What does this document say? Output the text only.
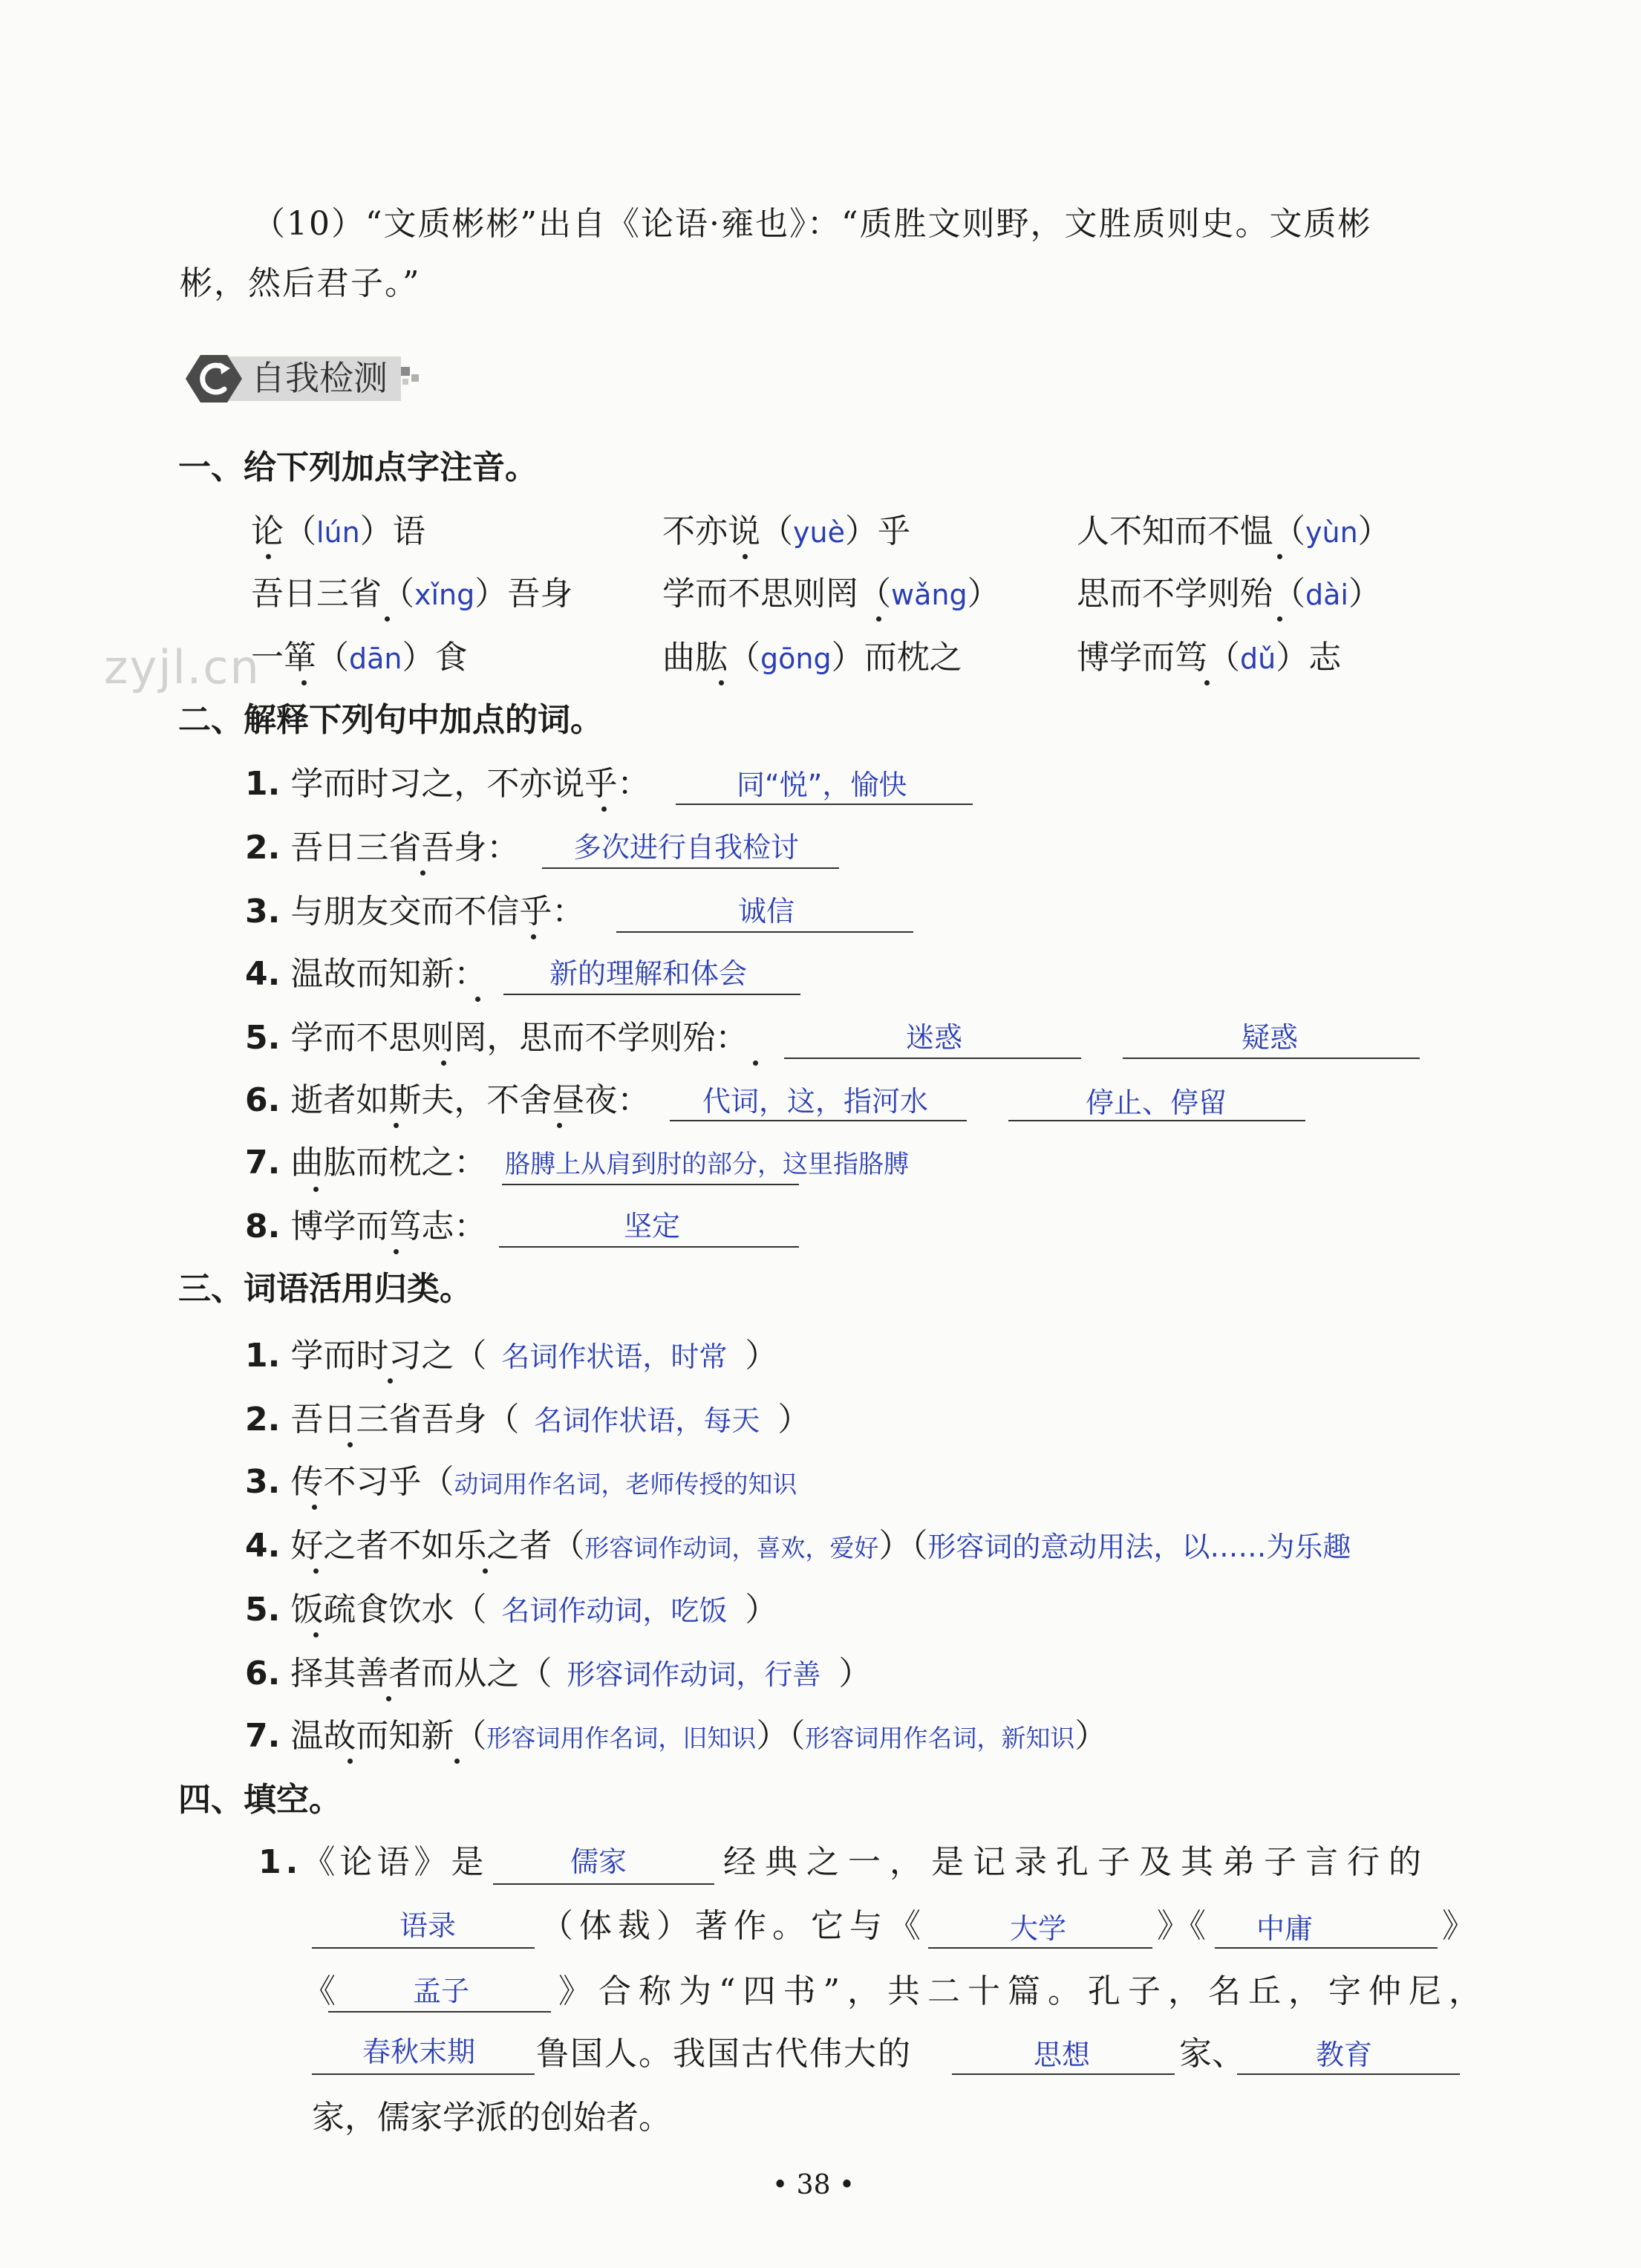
（10）“文质彬彬”出自《论语·雍也》：“质胜文则野，文胜质则史。文质彬
彬，然后君子。”
自我检测
zyjl.cn
一、给下列加点字注音。
论（lún）语	不亦说（yuè）乎	人不知而不愠（yùn）
吾日三省（xǐng）吾身	学而不思则罔（wǎng） 思而不学则殆（dài）
一箪（dān）食	曲肱（gōng）而枕之	博学而笃（dǔ）志
二、解释下列句中加点的词。
1. 学而时习之，不亦说乎：	同“悦”，愉快
2. 吾日三省吾身： 多次进行自我检讨
3. 与朋友交而不信乎：	诚信
4. 温故而知新： 新的理解和体会
5. 学而不思则罔，思而不学则殆：	迷惑	疑惑
6. 逝者如斯夫，不舍昼夜： 代词，这，指河水	停止、停留
7. 曲肱而枕之： 胳膊上从肩到肘的部分，这里指胳膊
8. 博学而笃志：	坚定
三、词语活用归类。
1. 学而时习之（ 名词作状语，时常 ）
2. 吾日三省吾身（ 名词作状语，每天 ）
3. 传不习乎（动词用作名词，老师传授的知识
4. 好之者不如乐之者（形容词作动词，喜欢，爱好）（形容词的意动用法，以……为乐趣
5. 饭疏食饮水（ 名词作动词，吃饭 ）
6. 择其善者而从之（ 形容词作动词，行善 ）
7. 温故而知新（形容词用作名词，旧知识）（形容词用作名词，新知识）
四、填空。
1.《论语》是	儒家	经典之一，是记录孔子及其弟子言行的
语录	（体裁）著作。它与《	大学	》《 中庸	》
《	孟子	》合称为“四书”，共二十篇。孔子，名丘，字仲尼，
春秋末期 鲁国人。我国古代伟大的	思想	家、	教育
家，儒家学派的创始者。
• 38 •
